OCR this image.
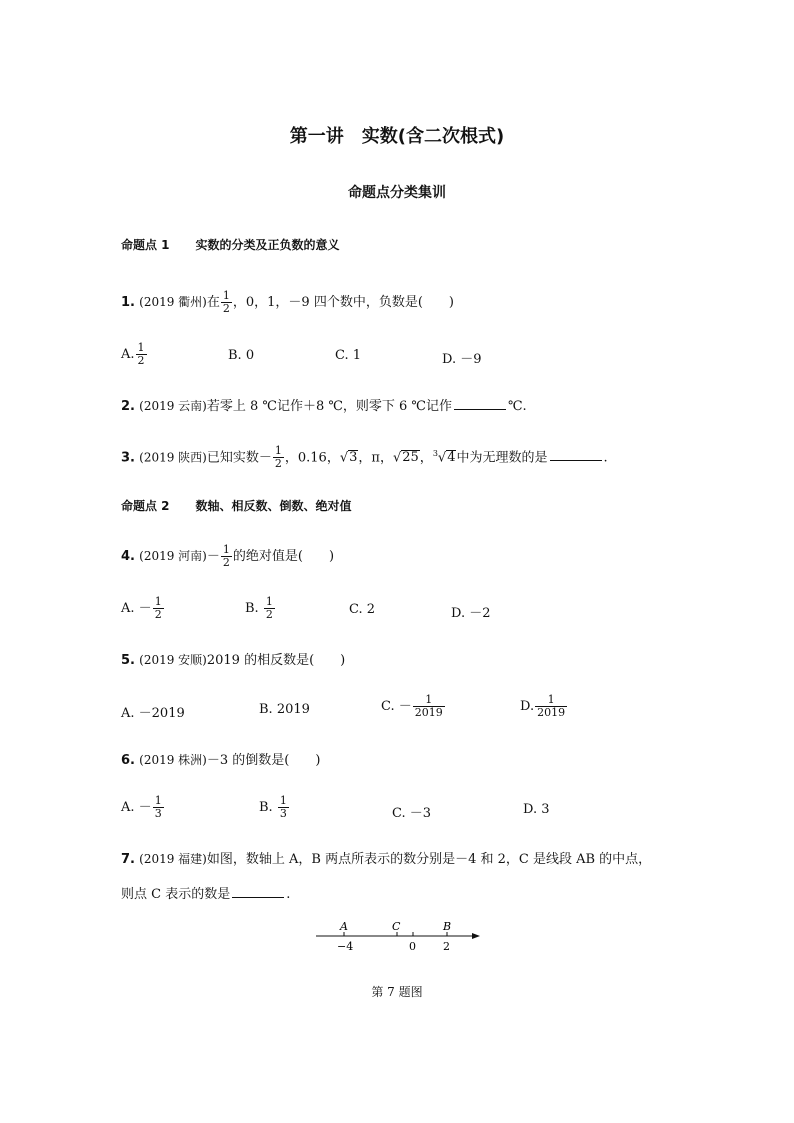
第一讲　实数(含二次根式)
命题点分类集训
命题点 1 实数的分类及正负数的意义
1. (2019 衢州)在 $\frac{1}{2}$ ，0，1，－9 四个数中，负数是(　　)
A. $\frac{1}{2}$	B. 0	C. 1	D. －9
2. (2019 云南)若零上 8 ℃记作＋8 ℃，则零下 6 ℃记作	℃.
3. (2019 陕西)已知实数－ $\frac{1}{2}$ ，0.16，√3，π，√25，$^3$√4中为无理数的是	.
命题点 2 数轴、相反数、倒数、绝对值
4. (2019 河南)－ $\frac{1}{2}$ 的绝对值是(　　)
A. － $\frac{1}{2}$	B. $\frac{1}{2}$	C. 2	D. －2
5. (2019 安顺)2019 的相反数是(　　)
A. －2019	B. 2019	C. － $\frac{1}{2019}$	D. $\frac{1}{2019}$
6. (2019 株洲)－3 的倒数是(　　)
A. － $\frac{1}{3}$	B. $\frac{1}{3}$	C. －3	D. 3
7. (2019 福建)如图，数轴上 A，B 两点所表示的数分别是－4 和 2，C 是线段 AB 的中点，
则点 C 表示的数是	.
A	C	B
−4	0 2
第 7 题图
